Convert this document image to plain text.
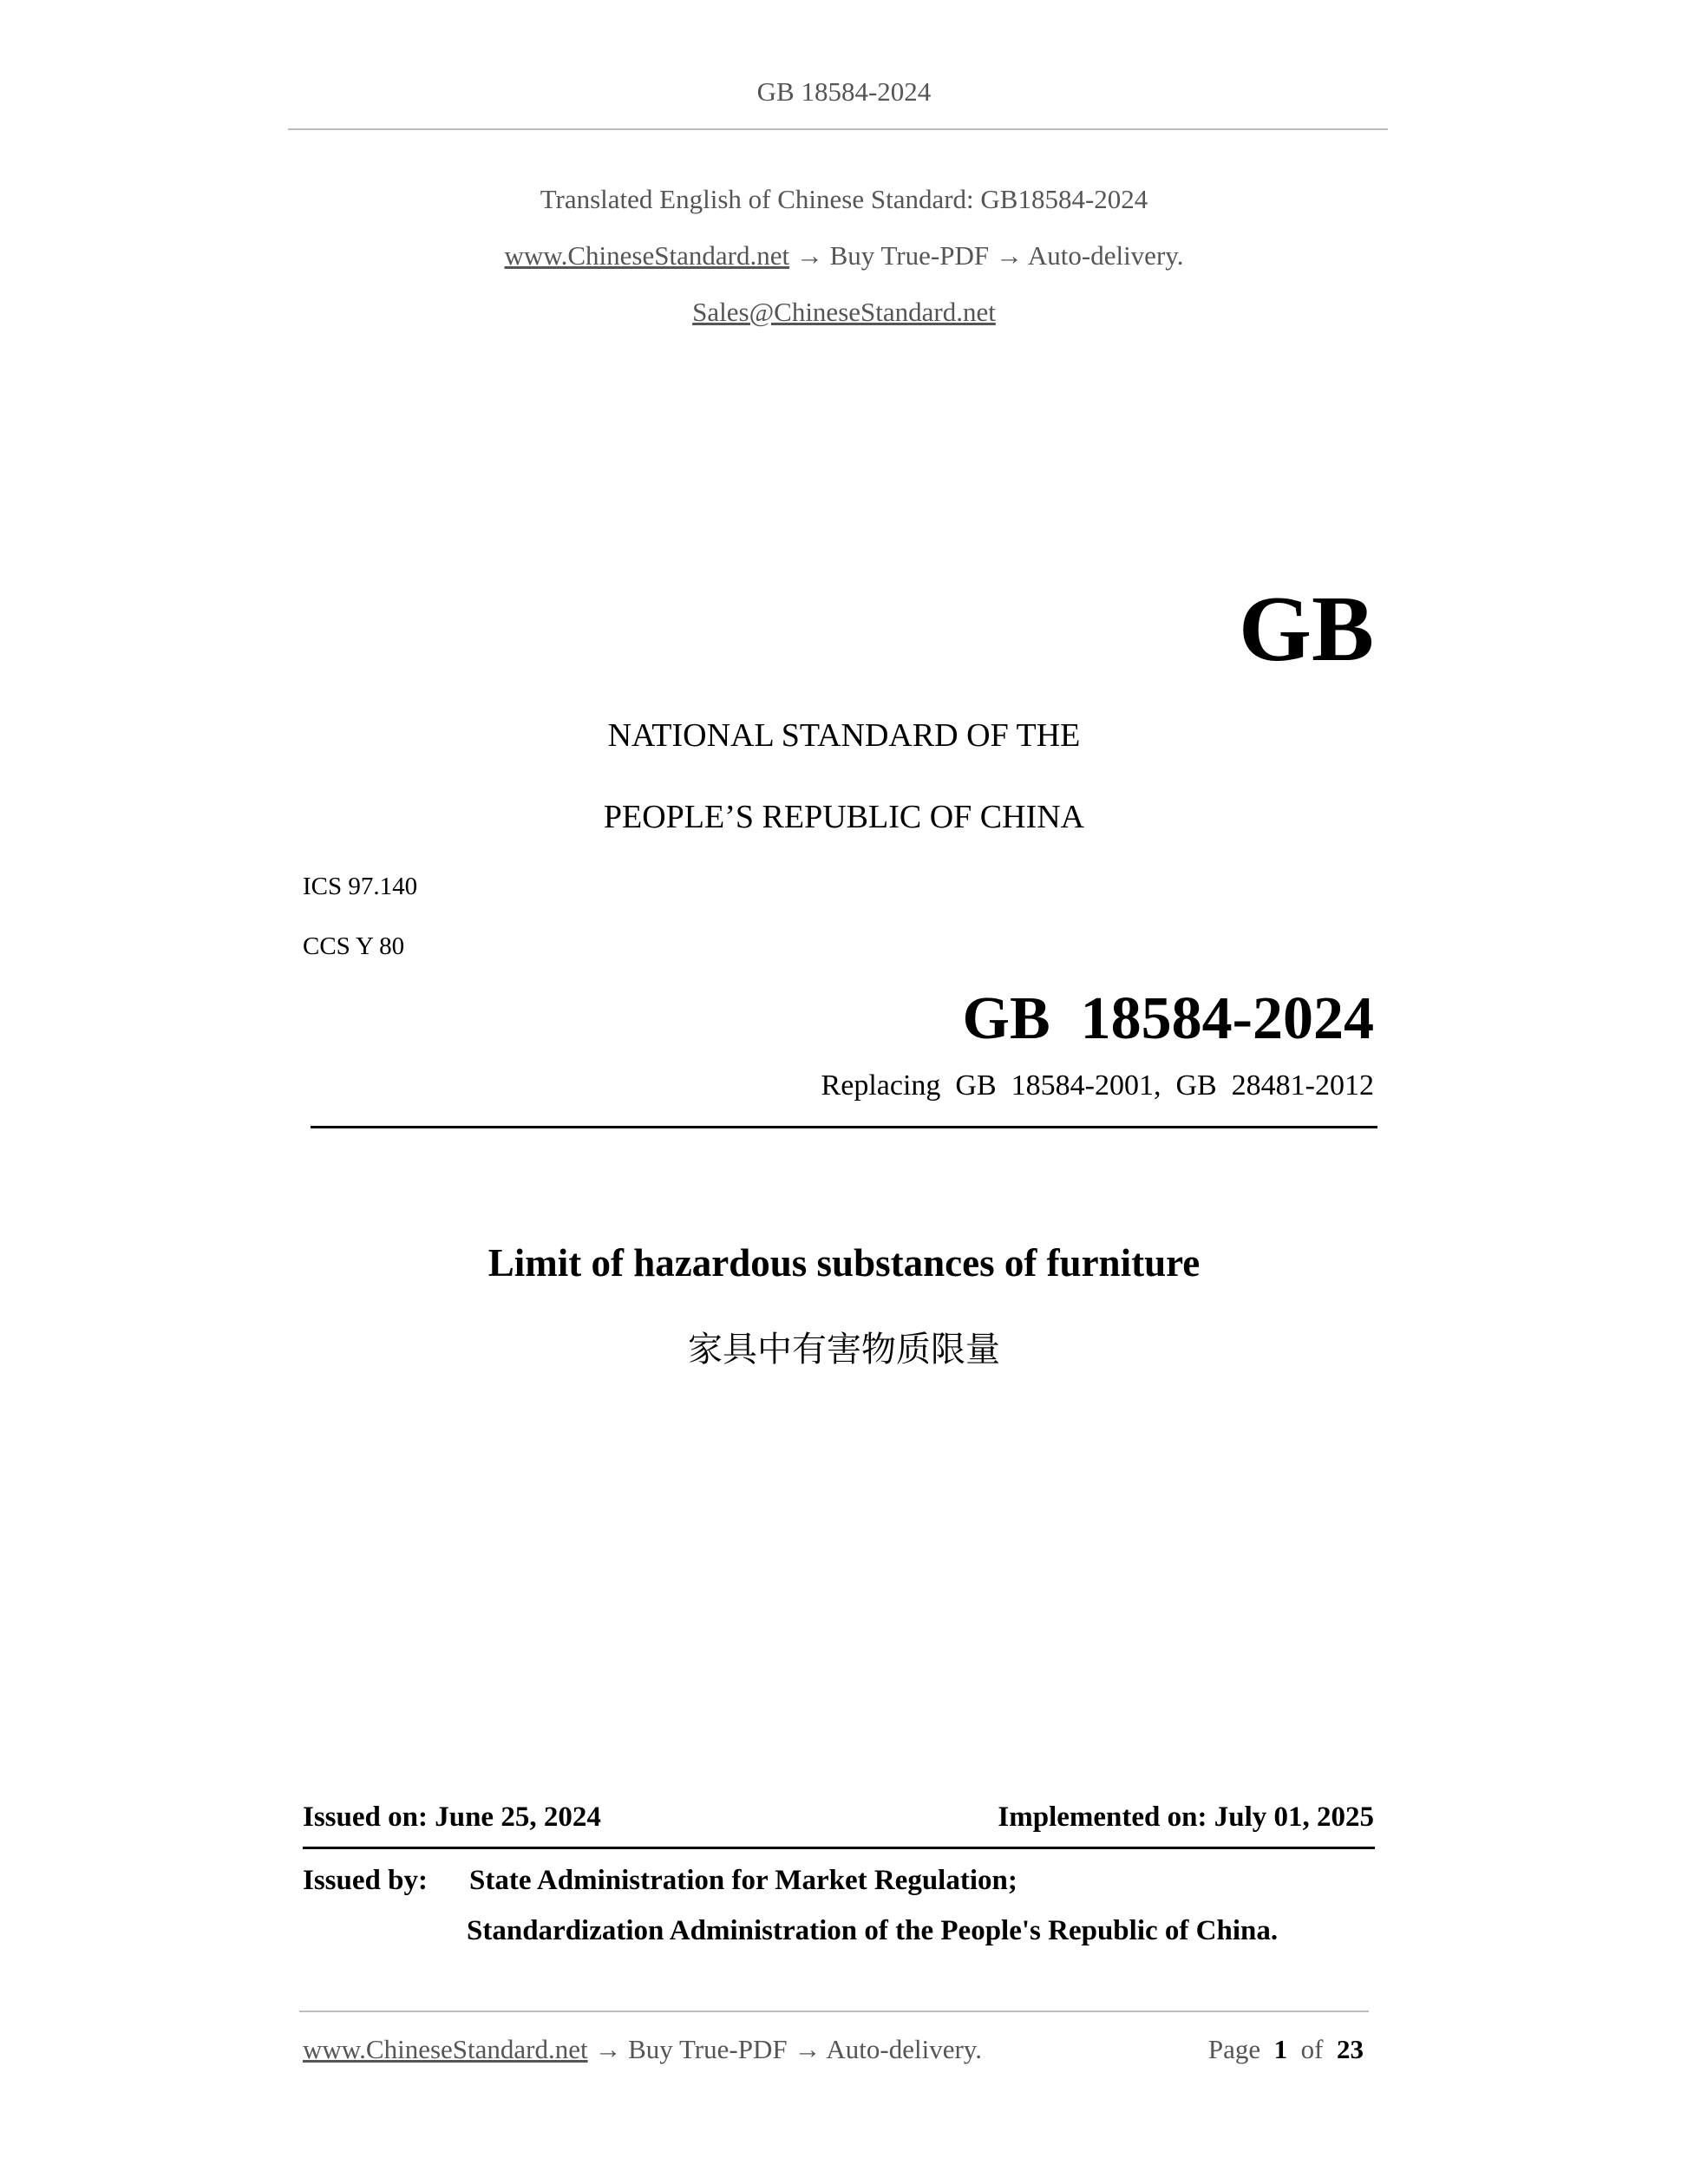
GB 18584-2024
Translated English of Chinese Standard: GB18584-2024
www.ChineseStandard.net → Buy True-PDF → Auto-delivery.
Sales@ChineseStandard.net
GB
NATIONAL STANDARD OF THE
PEOPLE’S REPUBLIC OF CHINA
ICS 97.140
CCS Y 80
GB  18584-2024
Replacing  GB  18584-2001,  GB  28481-2012
Limit of hazardous substances of furniture
家具中有害物质限量
Issued on: June 25, 2024	Implemented on: July 01, 2025
Issued by: State Administration for Market Regulation;
Standardization Administration of the People's Republic of China.
www.ChineseStandard.net → Buy True-PDF → Auto-delivery.	Page 1 of 23
